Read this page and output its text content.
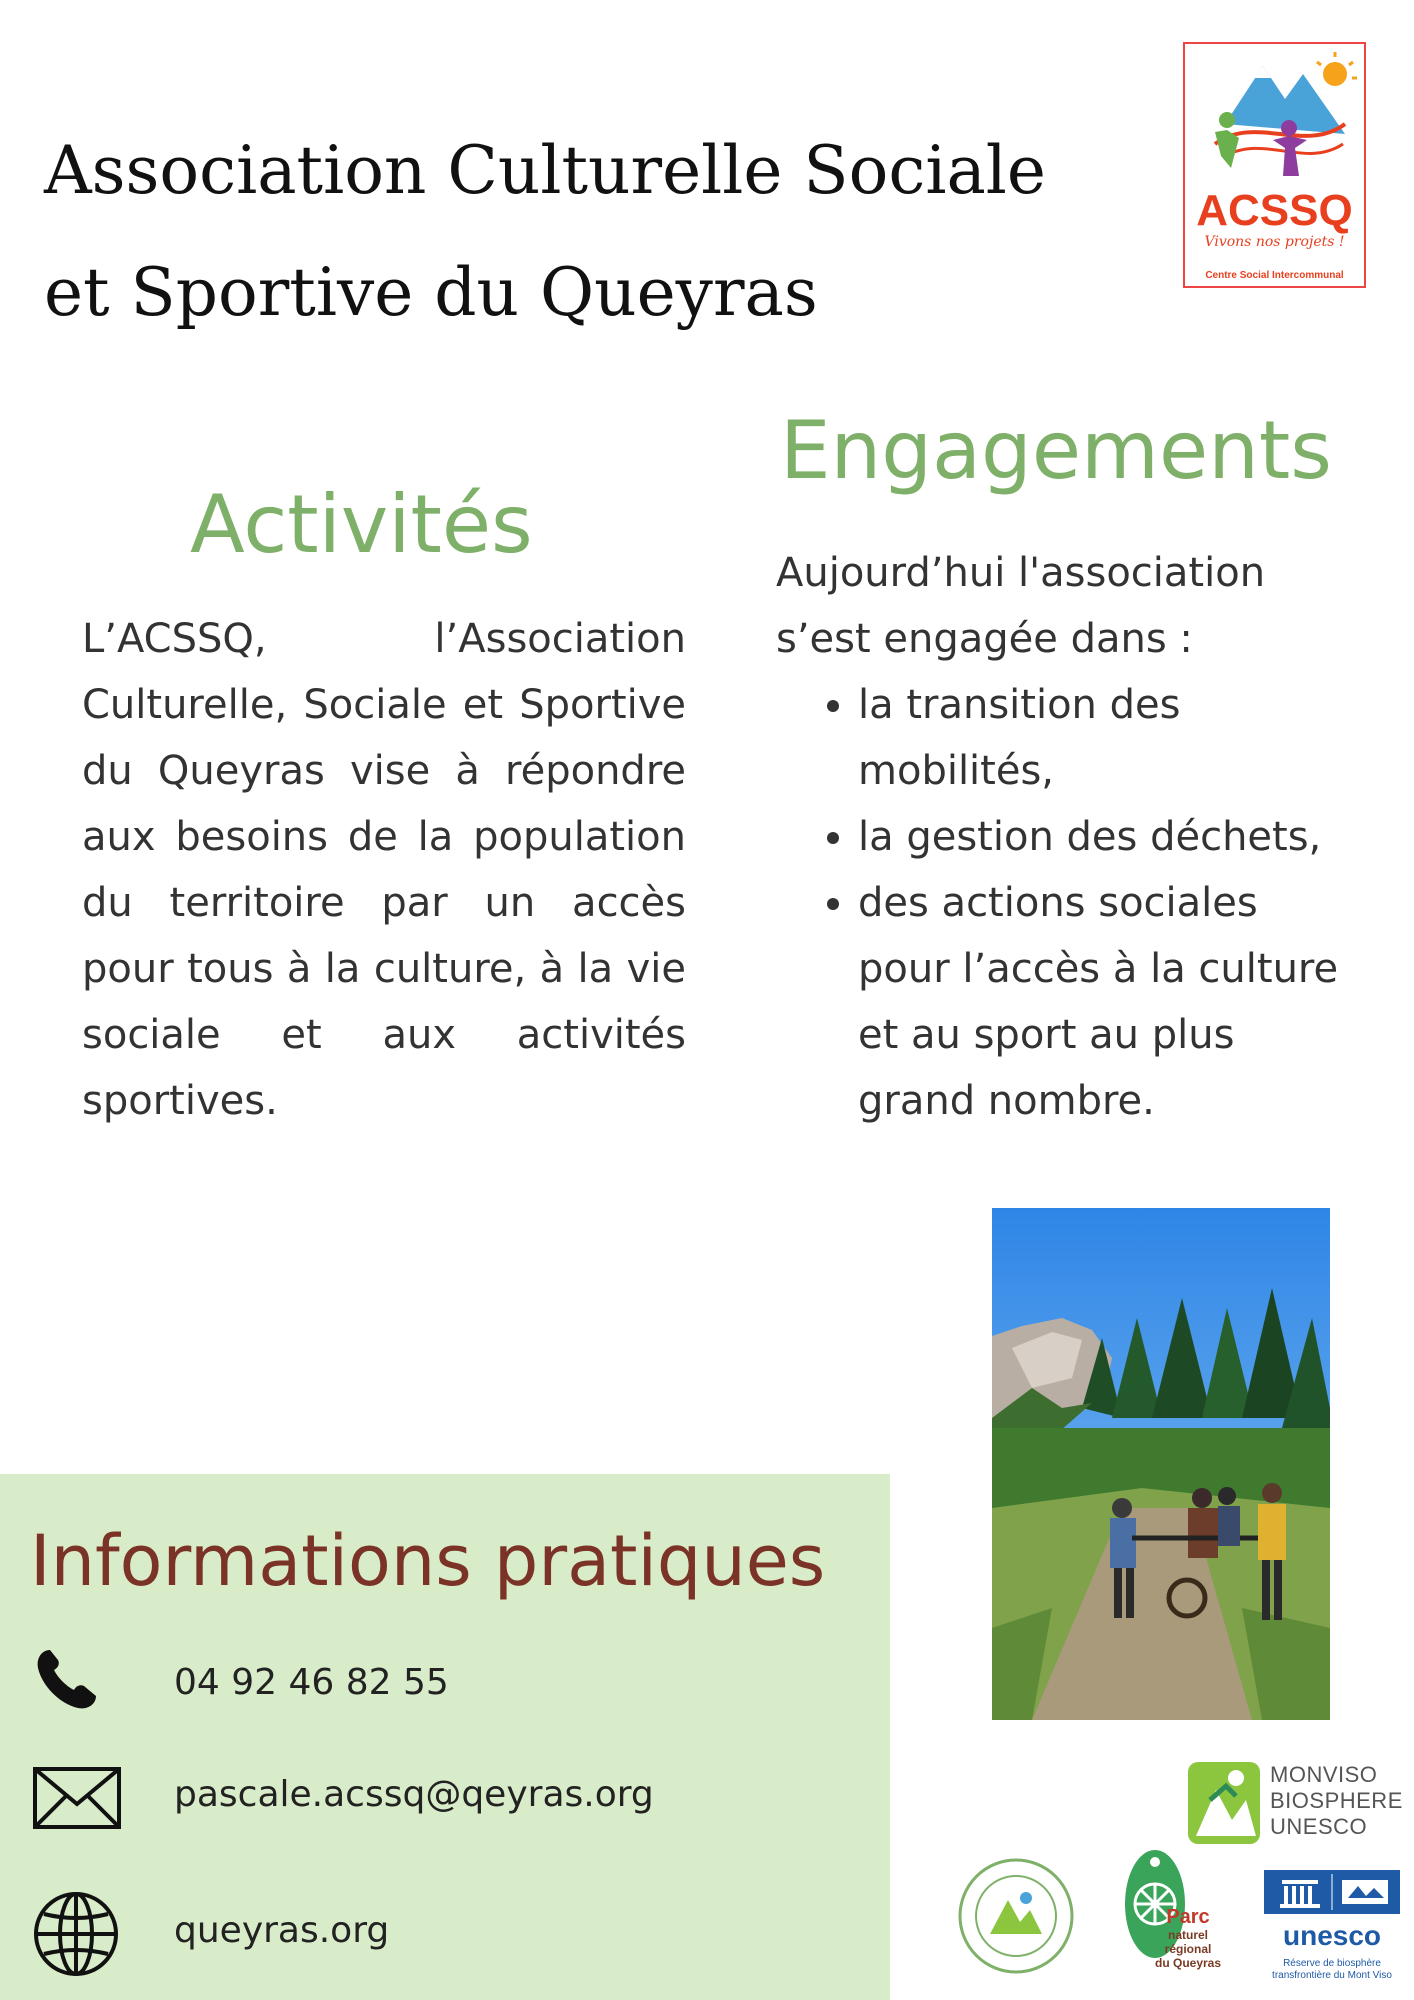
Association Culturelle Sociale
et Sportive du Queyras
ACSSQ
Vivons nos projets !
Centre Social Intercommunal
Activités

L’ACSSQ, l’Association Culturelle, Sociale et Sportive du Queyras vise à répondre aux besoins de la population du territoire par un accès pour tous à la culture, à la vie sociale et aux activités sportives.

Engagements

Aujourd’hui l'association s’est engagée dans :

• la transition des mobilités,
• la gestion des déchets,
• des actions sociales pour l’accès à la culture et au sport au plus grand nombre.
Informations pratiques
04 92 46 82 55
pascale.acssq@qeyras.org
queyras.org
MONVISO
BIOSPHERE
UNESCO
Parc
naturel
régional
du Queyras
unesco
Réserve de biosphère
transfrontière du Mont Viso
